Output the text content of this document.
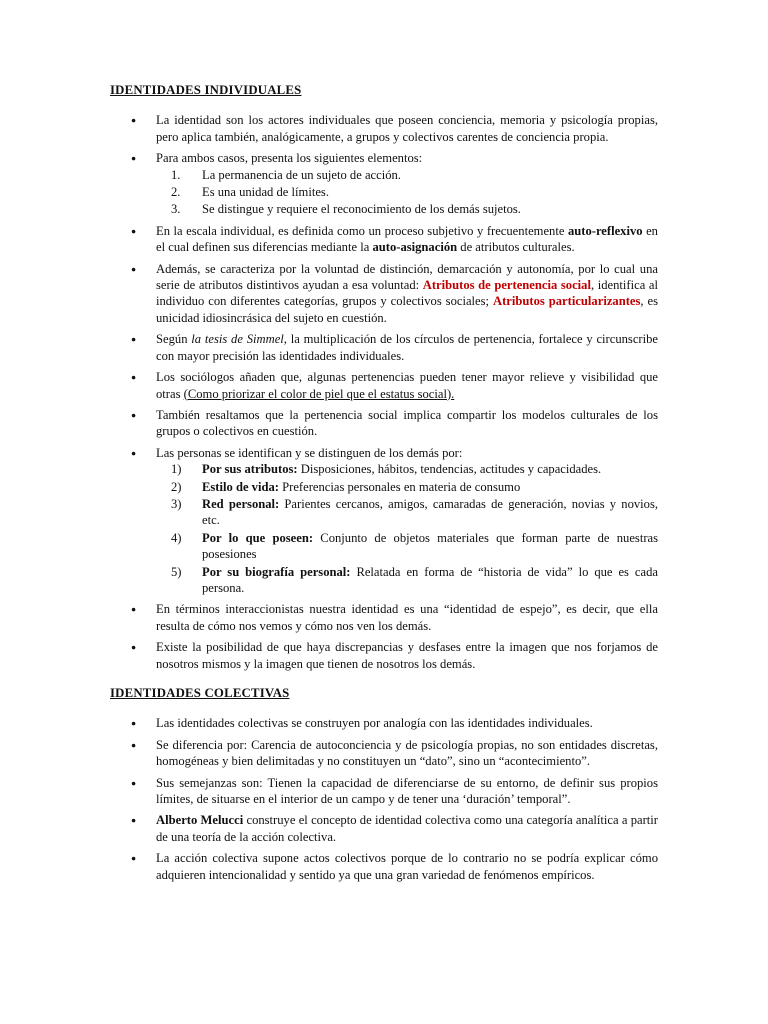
IDENTIDADES INDIVIDUALES
● La identidad son los actores individuales que poseen conciencia, memoria y psicología propias, pero aplica también, analógicamente, a grupos y colectivos carentes de conciencia propia.
● Para ambos casos, presenta los siguientes elementos:
1. La permanencia de un sujeto de acción.
2. Es una unidad de límites.
3. Se distingue y requiere el reconocimiento de los demás sujetos.
● En la escala individual, es definida como un proceso subjetivo y frecuentemente auto-reflexivo en el cual definen sus diferencias mediante la auto-asignación de atributos culturales.
● Además, se caracteriza por la voluntad de distinción, demarcación y autonomía, por lo cual una serie de atributos distintivos ayudan a esa voluntad: Atributos de pertenencia social, identifica al individuo con diferentes categorías, grupos y colectivos sociales; Atributos particularizantes, es unicidad idiosincrásica del sujeto en cuestión.
● Según la tesis de Simmel, la multiplicación de los círculos de pertenencia, fortalece y circunscribe con mayor precisión las identidades individuales.
● Los sociólogos añaden que, algunas pertenencias pueden tener mayor relieve y visibilidad que otras (Como priorizar el color de piel que el estatus social).
● También resaltamos que la pertenencia social implica compartir los modelos culturales de los grupos o colectivos en cuestión.
● Las personas se identifican y se distinguen de los demás por:
1) Por sus atributos: Disposiciones, hábitos, tendencias, actitudes y capacidades.
2) Estilo de vida: Preferencias personales en materia de consumo
3) Red personal: Parientes cercanos, amigos, camaradas de generación, novias y novios, etc.
4) Por lo que poseen: Conjunto de objetos materiales que forman parte de nuestras posesiones
5) Por su biografía personal: Relatada en forma de “historia de vida” lo que es cada persona.
● En términos interaccionistas nuestra identidad es una “identidad de espejo”, es decir, que ella resulta de cómo nos vemos y cómo nos ven los demás.
● Existe la posibilidad de que haya discrepancias y desfases entre la imagen que nos forjamos de nosotros mismos y la imagen que tienen de nosotros los demás.
IDENTIDADES COLECTIVAS
● Las identidades colectivas se construyen por analogía con las identidades individuales.
● Se diferencia por: Carencia de autoconciencia y de psicología propias, no son entidades discretas, homogéneas y bien delimitadas y no constituyen un “dato”, sino un “acontecimiento”.
● Sus semejanzas son: Tienen la capacidad de diferenciarse de su entorno, de definir sus propios límites, de situarse en el interior de un campo y de tener una ‘duración’ temporal”.
● Alberto Melucci construye el concepto de identidad colectiva como una categoría analítica a partir de una teoría de la acción colectiva.
● La acción colectiva supone actos colectivos porque de lo contrario no se podría explicar cómo adquieren intencionalidad y sentido ya que una gran variedad de fenómenos empíricos.
